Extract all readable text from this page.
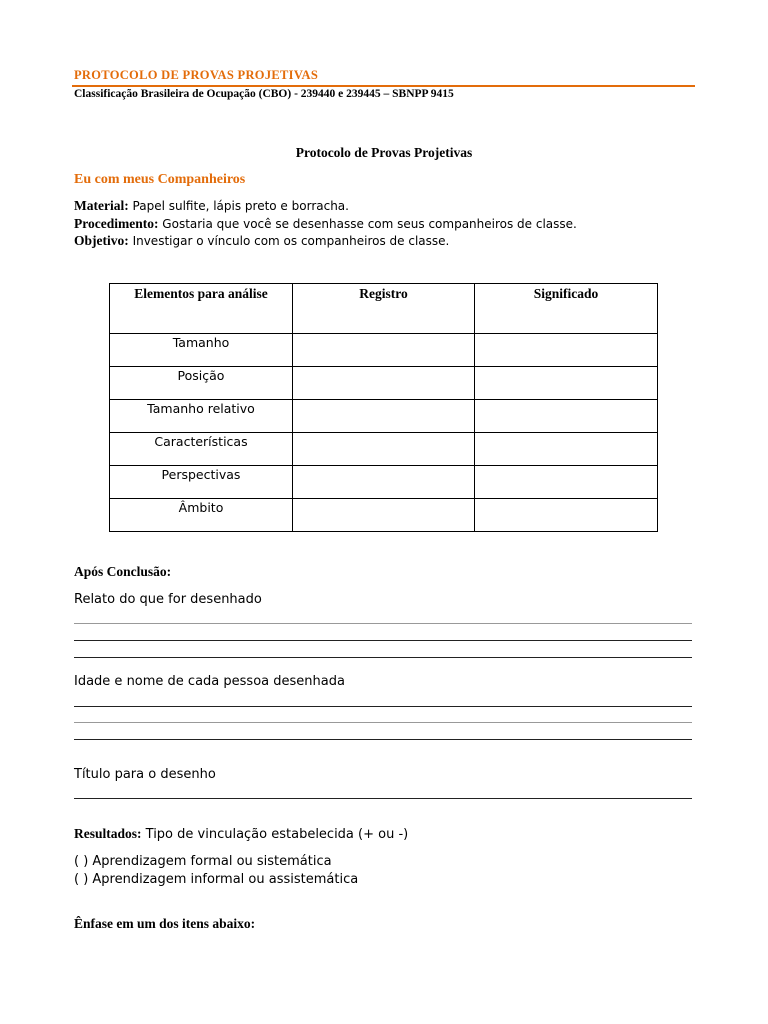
PROTOCOLO DE PROVAS PROJETIVAS
Classificação Brasileira de Ocupação (CBO) - 239440 e 239445 – SBNPP 9415
Protocolo de Provas Projetivas
Eu com meus Companheiros
Material: Papel sulfite, lápis preto e borracha.
Procedimento: Gostaria que você se desenhasse com seus companheiros de classe.
Objetivo: Investigar o vínculo com os companheiros de classe.
Elementos para análise	Registro	Significado
Tamanho		
Posição		
Tamanho relativo		
Características		
Perspectivas		
Âmbito		
Após Conclusão:
Relato do que for desenhado
Idade e nome de cada pessoa desenhada
Título para o desenho
Resultados: Tipo de vinculação estabelecida (+ ou -)
( ) Aprendizagem formal ou sistemática
( ) Aprendizagem informal ou assistemática
Ênfase em um dos itens abaixo:
